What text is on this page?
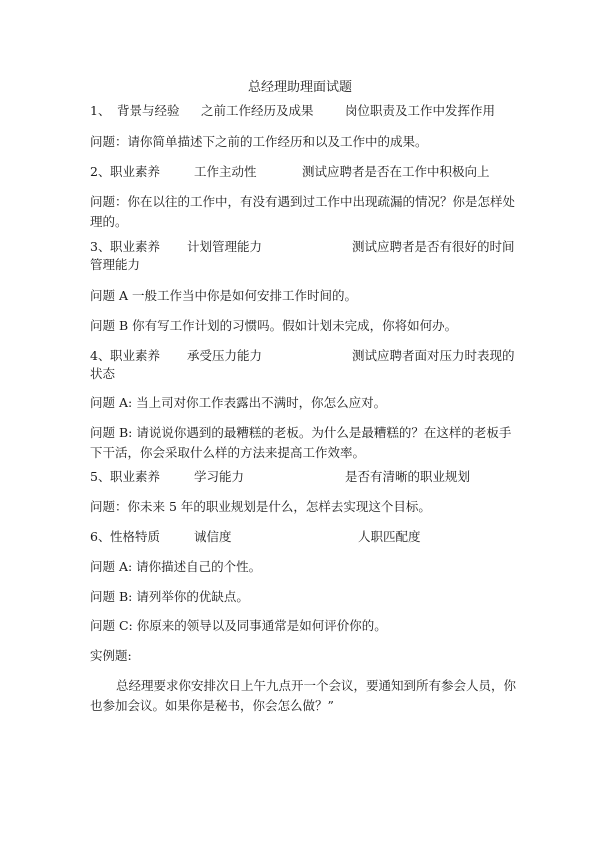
总经理助理面试题
1、 背景与经验 之前工作经历及成果	岗位职责及工作中发挥作用
问题：请你简单描述下之前的工作经历和以及工作中的成果。
2、 职业素养	工作主动性	测试应聘者是否在工作中积极向上
问题：你在以往的工作中，有没有遇到过工作中出现疏漏的情况？你是怎样处理的。
3、 职业素养 计划管理能力	测试应聘者是否有很好的时间
管理能力
问题 A 一般工作当中你是如何安排工作时间的。
问题 B 你有写工作计划的习惯吗。假如计划未完成，你将如何办。
4、 职业素养 承受压力能力	测试应聘者面对压力时表现的
状态
问题 A: 当上司对你工作表露出不满时，你怎么应对。
问题 B: 请说说你遇到的最糟糕的老板。为什么是最糟糕的？在这样的老板手下干活，你会采取什么样的方法来提高工作效率。
5、 职业素养	学习能力	是否有清晰的职业规划
问题：你未来 5 年的职业规划是什么，怎样去实现这个目标。
6、 性格特质	诚信度	人职匹配度
问题 A: 请你描述自己的个性。
问题 B: 请列举你的优缺点。
问题 C: 你原来的领导以及同事通常是如何评价你的。
实例题:
总经理要求你安排次日上午九点开一个会议，要通知到所有参会人员，你也参加会议。如果你是秘书，你会怎么做？”
